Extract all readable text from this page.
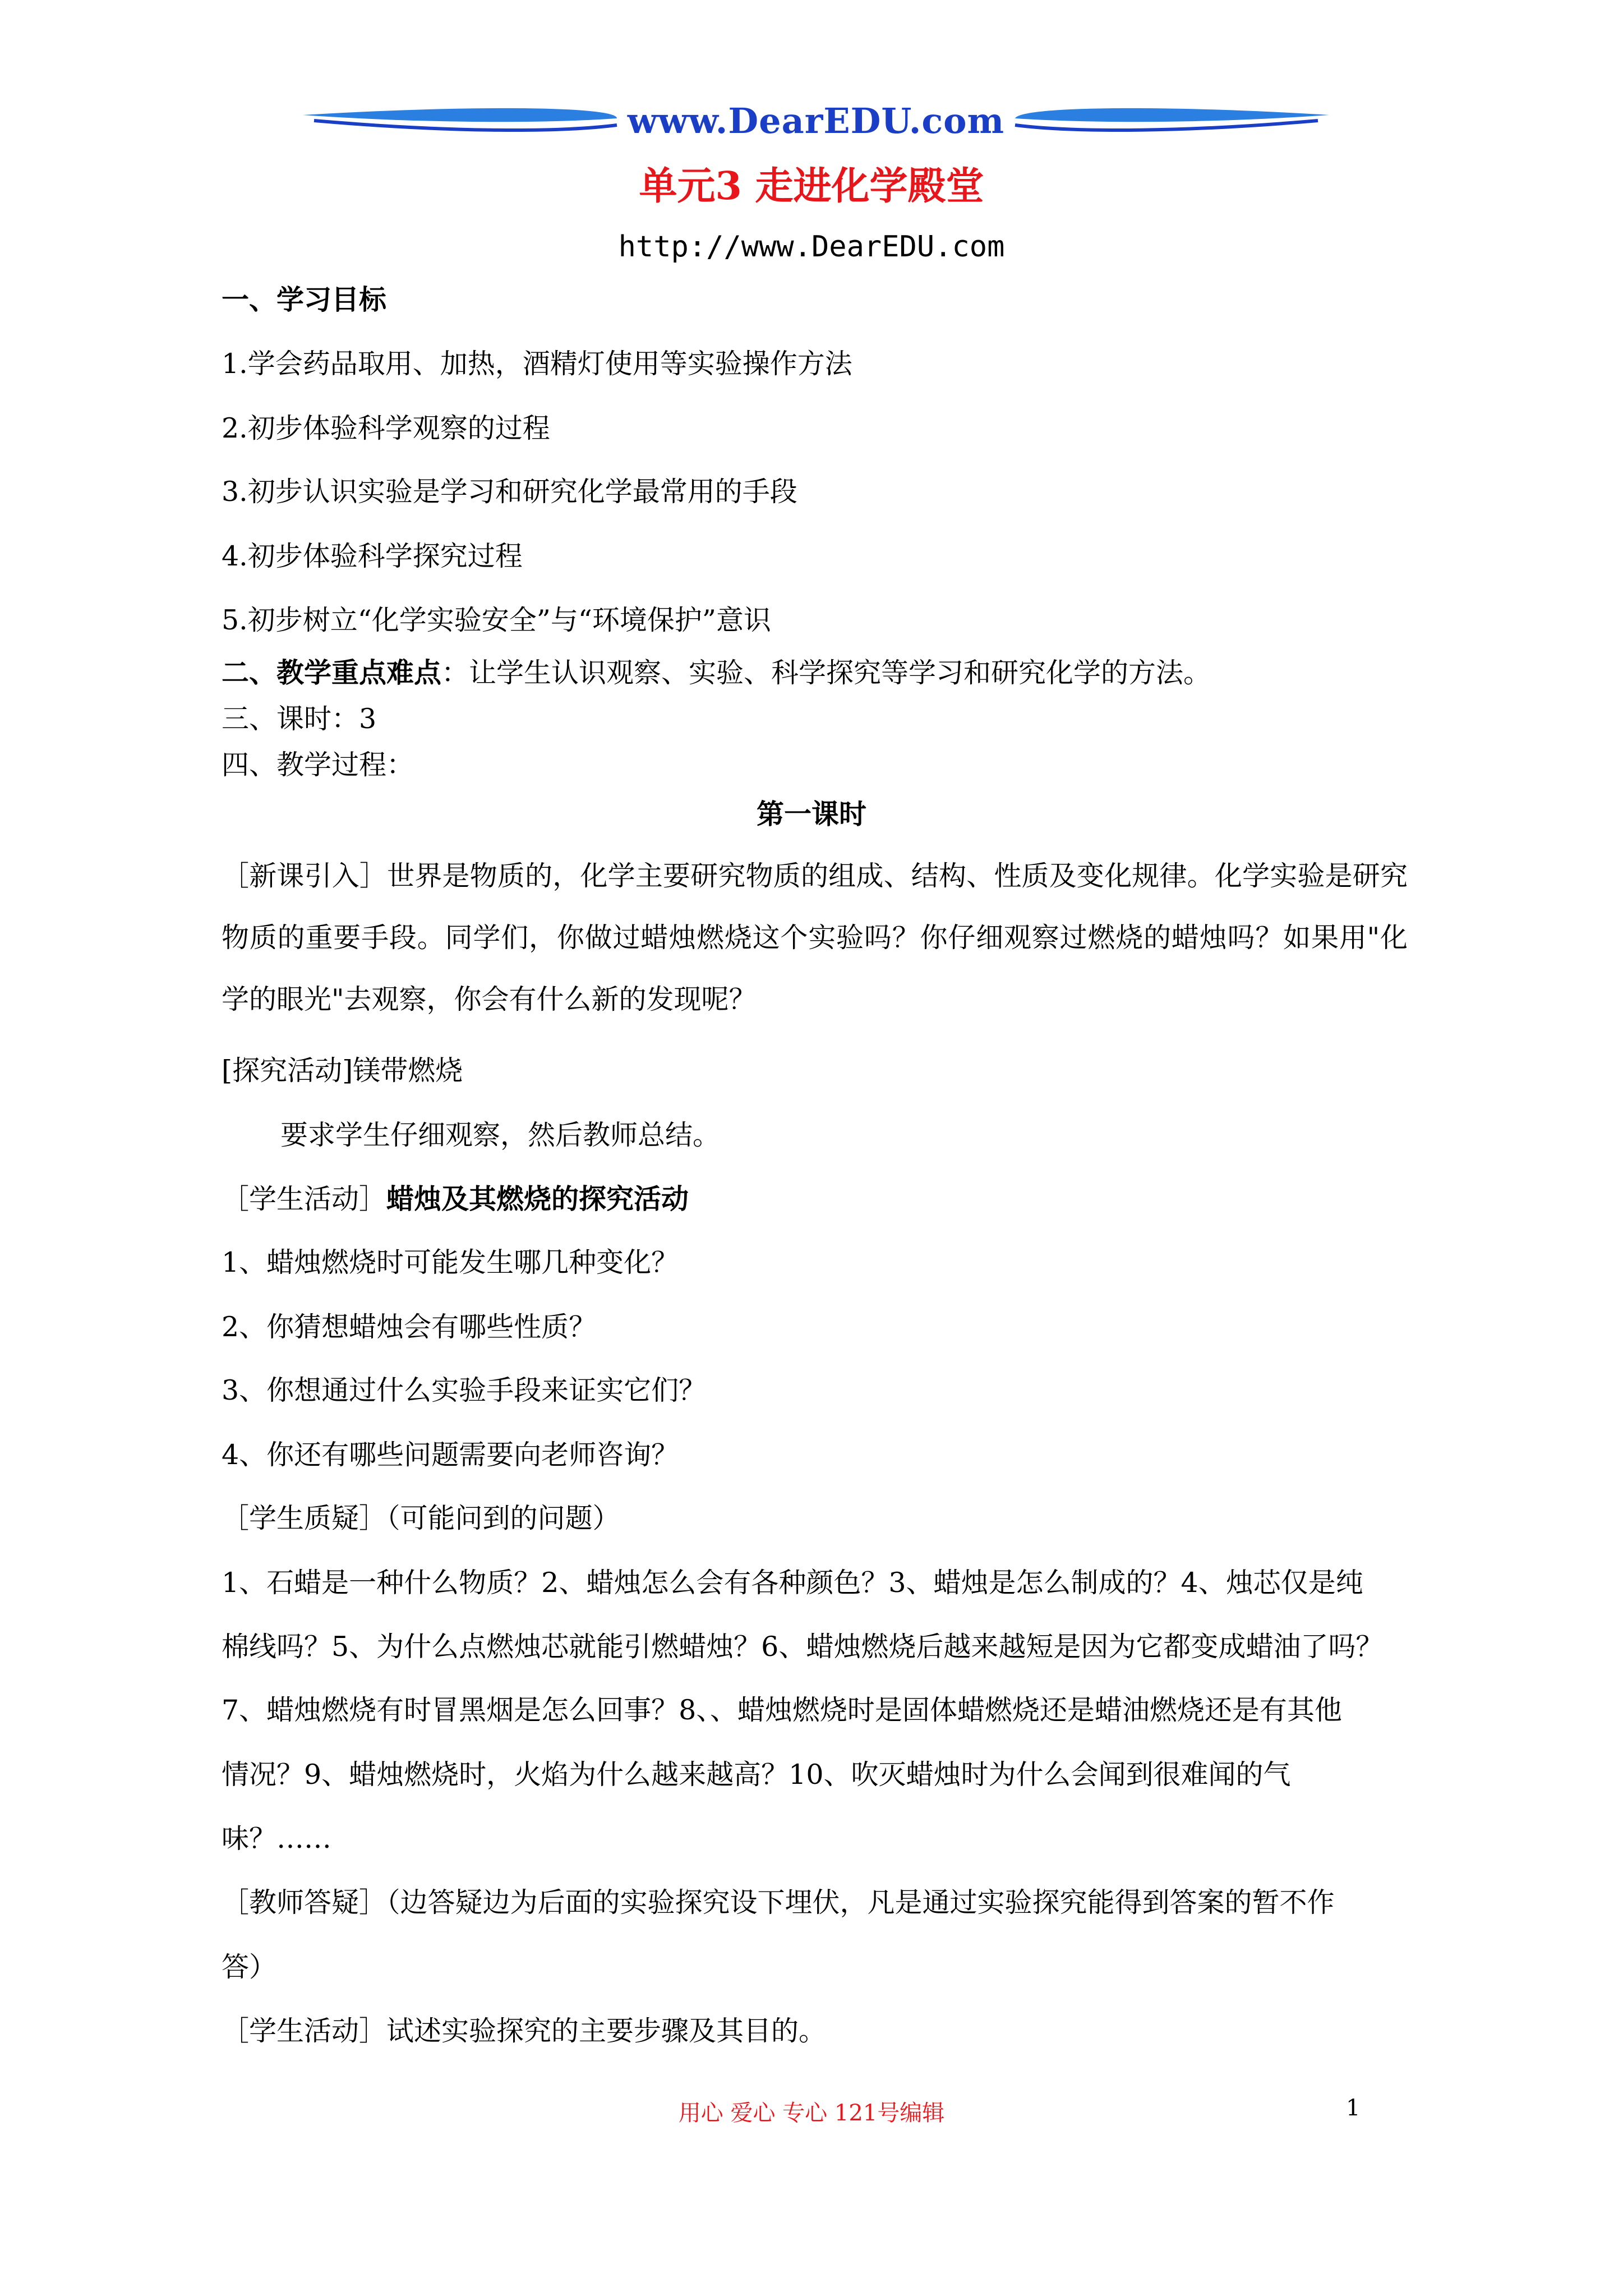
www.DearEDU.com
单元3 走进化学殿堂
http://www.DearEDU.com
一、学习目标
1.学会药品取用、加热，酒精灯使用等实验操作方法
2.初步体验科学观察的过程
3.初步认识实验是学习和研究化学最常用的手段
4.初步体验科学探究过程
5.初步树立“化学实验安全”与“环境保护”意识
二、教学重点难点：让学生认识观察、实验、科学探究等学习和研究化学的方法。
三、课时：3
四、教学过程：
第一课时
［新课引入］世界是物质的，化学主要研究物质的组成、结构、性质及变化规律。化学实验是研究物质的重要手段。同学们，你做过蜡烛燃烧这个实验吗？你仔细观察过燃烧的蜡烛吗？如果用"化学的眼光"去观察，你会有什么新的发现呢？
[探究活动]镁带燃烧
要求学生仔细观察，然后教师总结。
［学生活动］蜡烛及其燃烧的探究活动
1、蜡烛燃烧时可能发生哪几种变化？
2、你猜想蜡烛会有哪些性质？
3、你想通过什么实验手段来证实它们？
4、你还有哪些问题需要向老师咨询？
［学生质疑］（可能问到的问题）
1、石蜡是一种什么物质？2、蜡烛怎么会有各种颜色？3、蜡烛是怎么制成的？4、烛芯仅是纯
棉线吗？5、为什么点燃烛芯就能引燃蜡烛？6、蜡烛燃烧后越来越短是因为它都变成蜡油了吗？
7、蜡烛燃烧有时冒黑烟是怎么回事？8、、蜡烛燃烧时是固体蜡燃烧还是蜡油燃烧还是有其他
情况？9、蜡烛燃烧时，火焰为什么越来越高？10、吹灭蜡烛时为什么会闻到很难闻的气
味？……
［教师答疑］（边答疑边为后面的实验探究设下埋伏，凡是通过实验探究能得到答案的暂不作
答）
［学生活动］试述实验探究的主要步骤及其目的。
用心 爱心 专心 121号编辑	1
